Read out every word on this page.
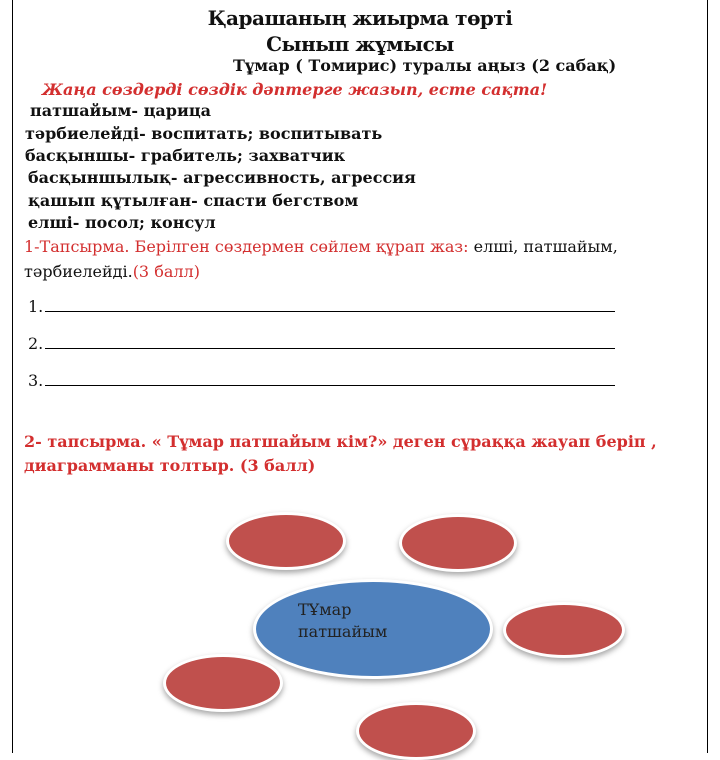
Қарашаның жиырма төрті
Сынып жұмысы
Тұмар ( Томирис) туралы аңыз (2 сабақ)
Жаңа сөздерді сөздік дәптерге жазып, есте сақта!
патшайым- царица
тәрбиелейді- воспитать; воспитывать
басқыншы- грабитель; захватчик
басқыншылық- агрессивность, агрессия
қашып құтылған- спасти бегством
елші- посол; консул
1-Тапсырма. Берілген сөздермен сөйлем құрап жаз: елші, патшайым, тәрбиелейді.(3 балл)
1.
2.
3.
2- тапсырма. « Тұмар патшайым кім?» деген сұраққа жауап беріп , диаграмманы толтыр. (3 балл)
ТҰмар
патшайым
